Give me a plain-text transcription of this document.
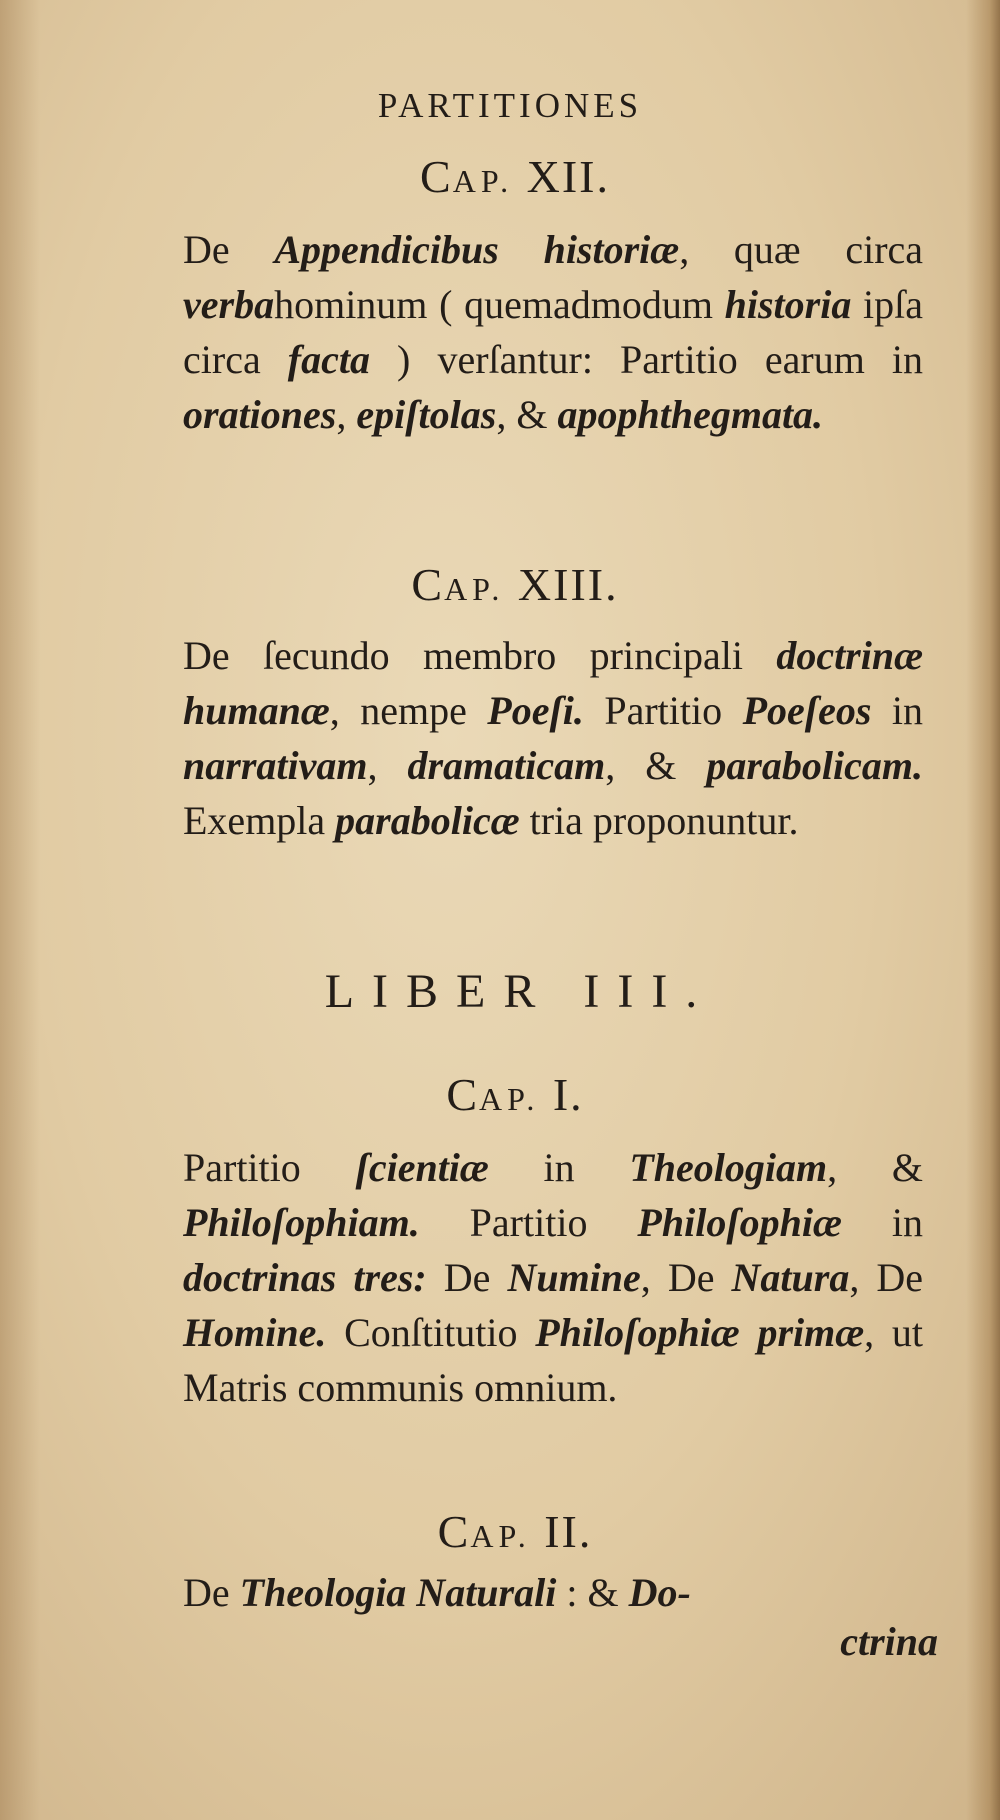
PARTITIONES
CAP. XII.
De Appendicibus historiæ, quæ circa verbahominum ( quemadmodum historia ipſa circa facta ) verſantur: Partitio earum in orationes, epiſtolas, & apophthegmata.
CAP. XIII.
De ſecundo membro principali doctrinæ humanæ, nempe Poeſi. Partitio Poeſeos in narrativam, dramaticam, & parabolicam. Exempla parabolicæ tria proponuntur.
LIBER III.
CAP. I.
Partitio ſcientiæ in Theologiam, & Philoſophiam. Partitio Philoſophiæ in doctrinas tres: De Numine, De Natura, De Homine. Conſtitutio Philoſophiæ primæ, ut Matris communis omnium.
CAP. II.
De Theologia Naturali : & Do-
ctrina
